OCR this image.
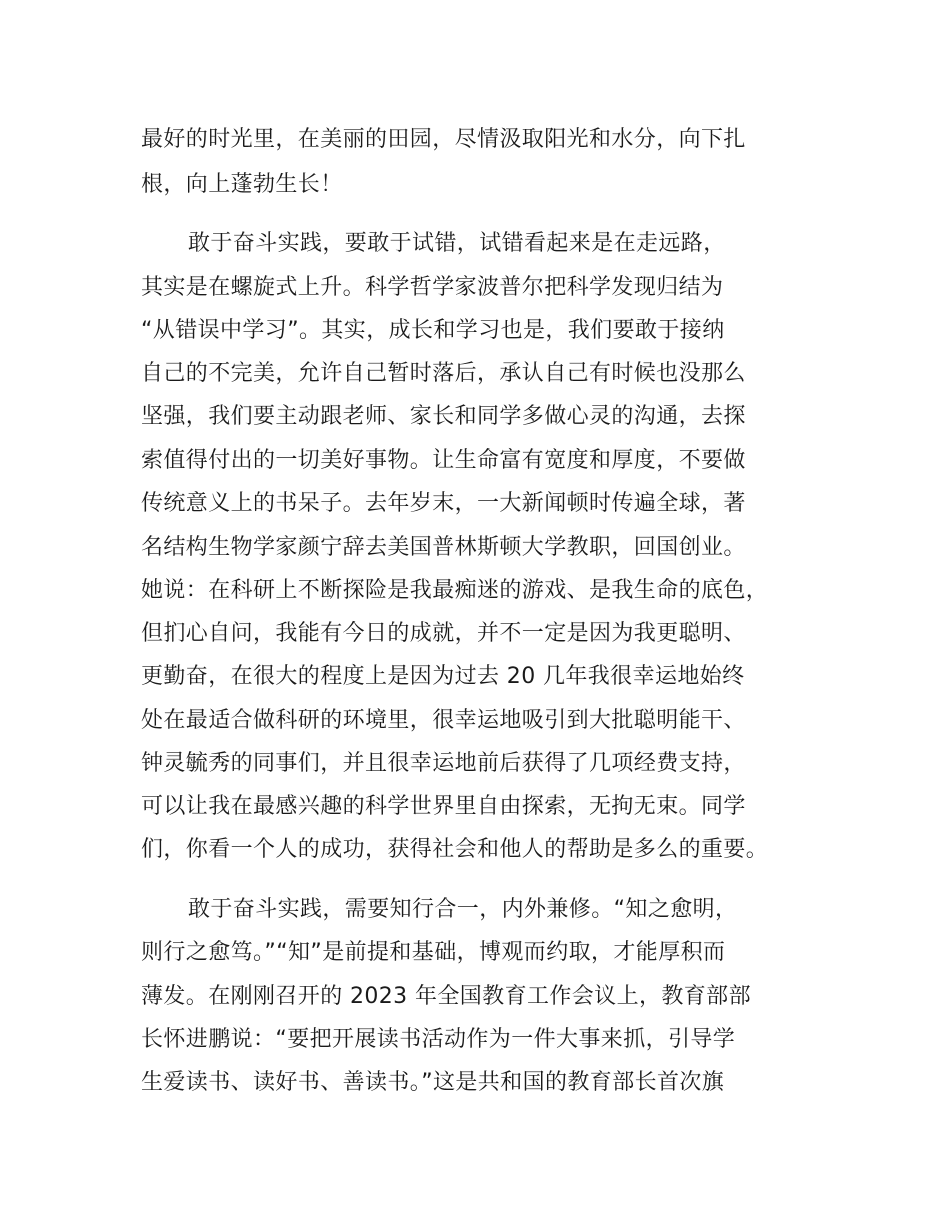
最好的时光里，在美丽的田园，尽情汲取阳光和水分，向下扎
根，向上蓬勃生长！
敢于奋斗实践，要敢于试错，试错看起来是在走远路，
其实是在螺旋式上升。科学哲学家波普尔把科学发现归结为
“从错误中学习”。其实，成长和学习也是，我们要敢于接纳
自己的不完美，允许自己暂时落后，承认自己有时候也没那么
坚强，我们要主动跟老师、家长和同学多做心灵的沟通，去探
索值得付出的一切美好事物。让生命富有宽度和厚度，不要做
传统意义上的书呆子。去年岁末，一大新闻顿时传遍全球，著
名结构生物学家颜宁辞去美国普林斯顿大学教职，回国创业。
她说：在科研上不断探险是我最痴迷的游戏、是我生命的底色，
但扪心自问，我能有今日的成就，并不一定是因为我更聪明、
更勤奋，在很大的程度上是因为过去 20 几年我很幸运地始终
处在最适合做科研的环境里，很幸运地吸引到大批聪明能干、
钟灵毓秀的同事们，并且很幸运地前后获得了几项经费支持，
可以让我在最感兴趣的科学世界里自由探索，无拘无束。同学
们，你看一个人的成功，获得社会和他人的帮助是多么的重要。
敢于奋斗实践，需要知行合一，内外兼修。“知之愈明，
则行之愈笃。”“知”是前提和基础，博观而约取，才能厚积而
薄发。在刚刚召开的 2023 年全国教育工作会议上，教育部部
长怀进鹏说：“要把开展读书活动作为一件大事来抓，引导学
生爱读书、读好书、善读书。”这是共和国的教育部长首次旗
